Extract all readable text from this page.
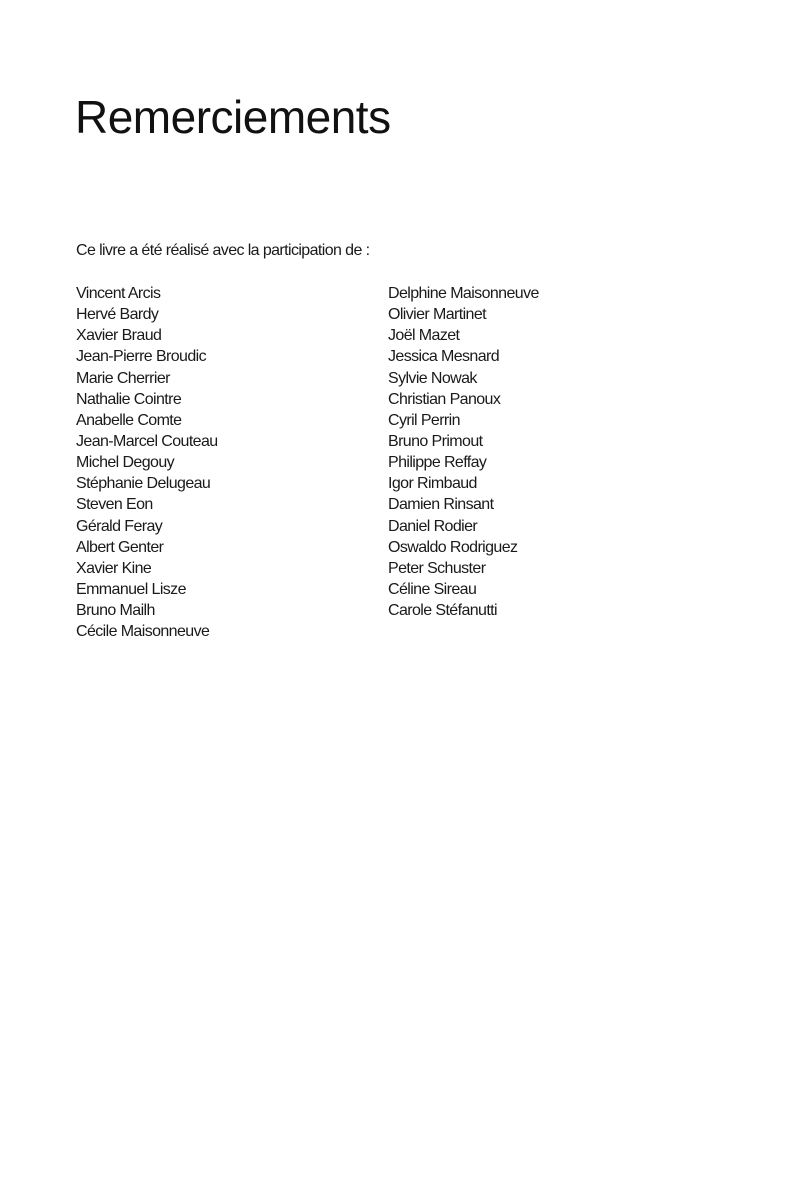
Remerciements

Ce livre a été réalisé avec la participation de :

Vincent Arcis
Hervé Bardy
Xavier Braud
Jean-Pierre Broudic
Marie Cherrier
Nathalie Cointre
Anabelle Comte
Jean-Marcel Couteau
Michel Degouy
Stéphanie Delugeau
Steven Eon
Gérald Feray
Albert Genter
Xavier Kine
Emmanuel Lisze
Bruno Mailh
Cécile Maisonneuve
Delphine Maisonneuve
Olivier Martinet
Joël Mazet
Jessica Mesnard
Sylvie Nowak
Christian Panoux
Cyril Perrin
Bruno Primout
Philippe Reffay
Igor Rimbaud
Damien Rinsant
Daniel Rodier
Oswaldo Rodriguez
Peter Schuster
Céline Sireau
Carole Stéfanutti
